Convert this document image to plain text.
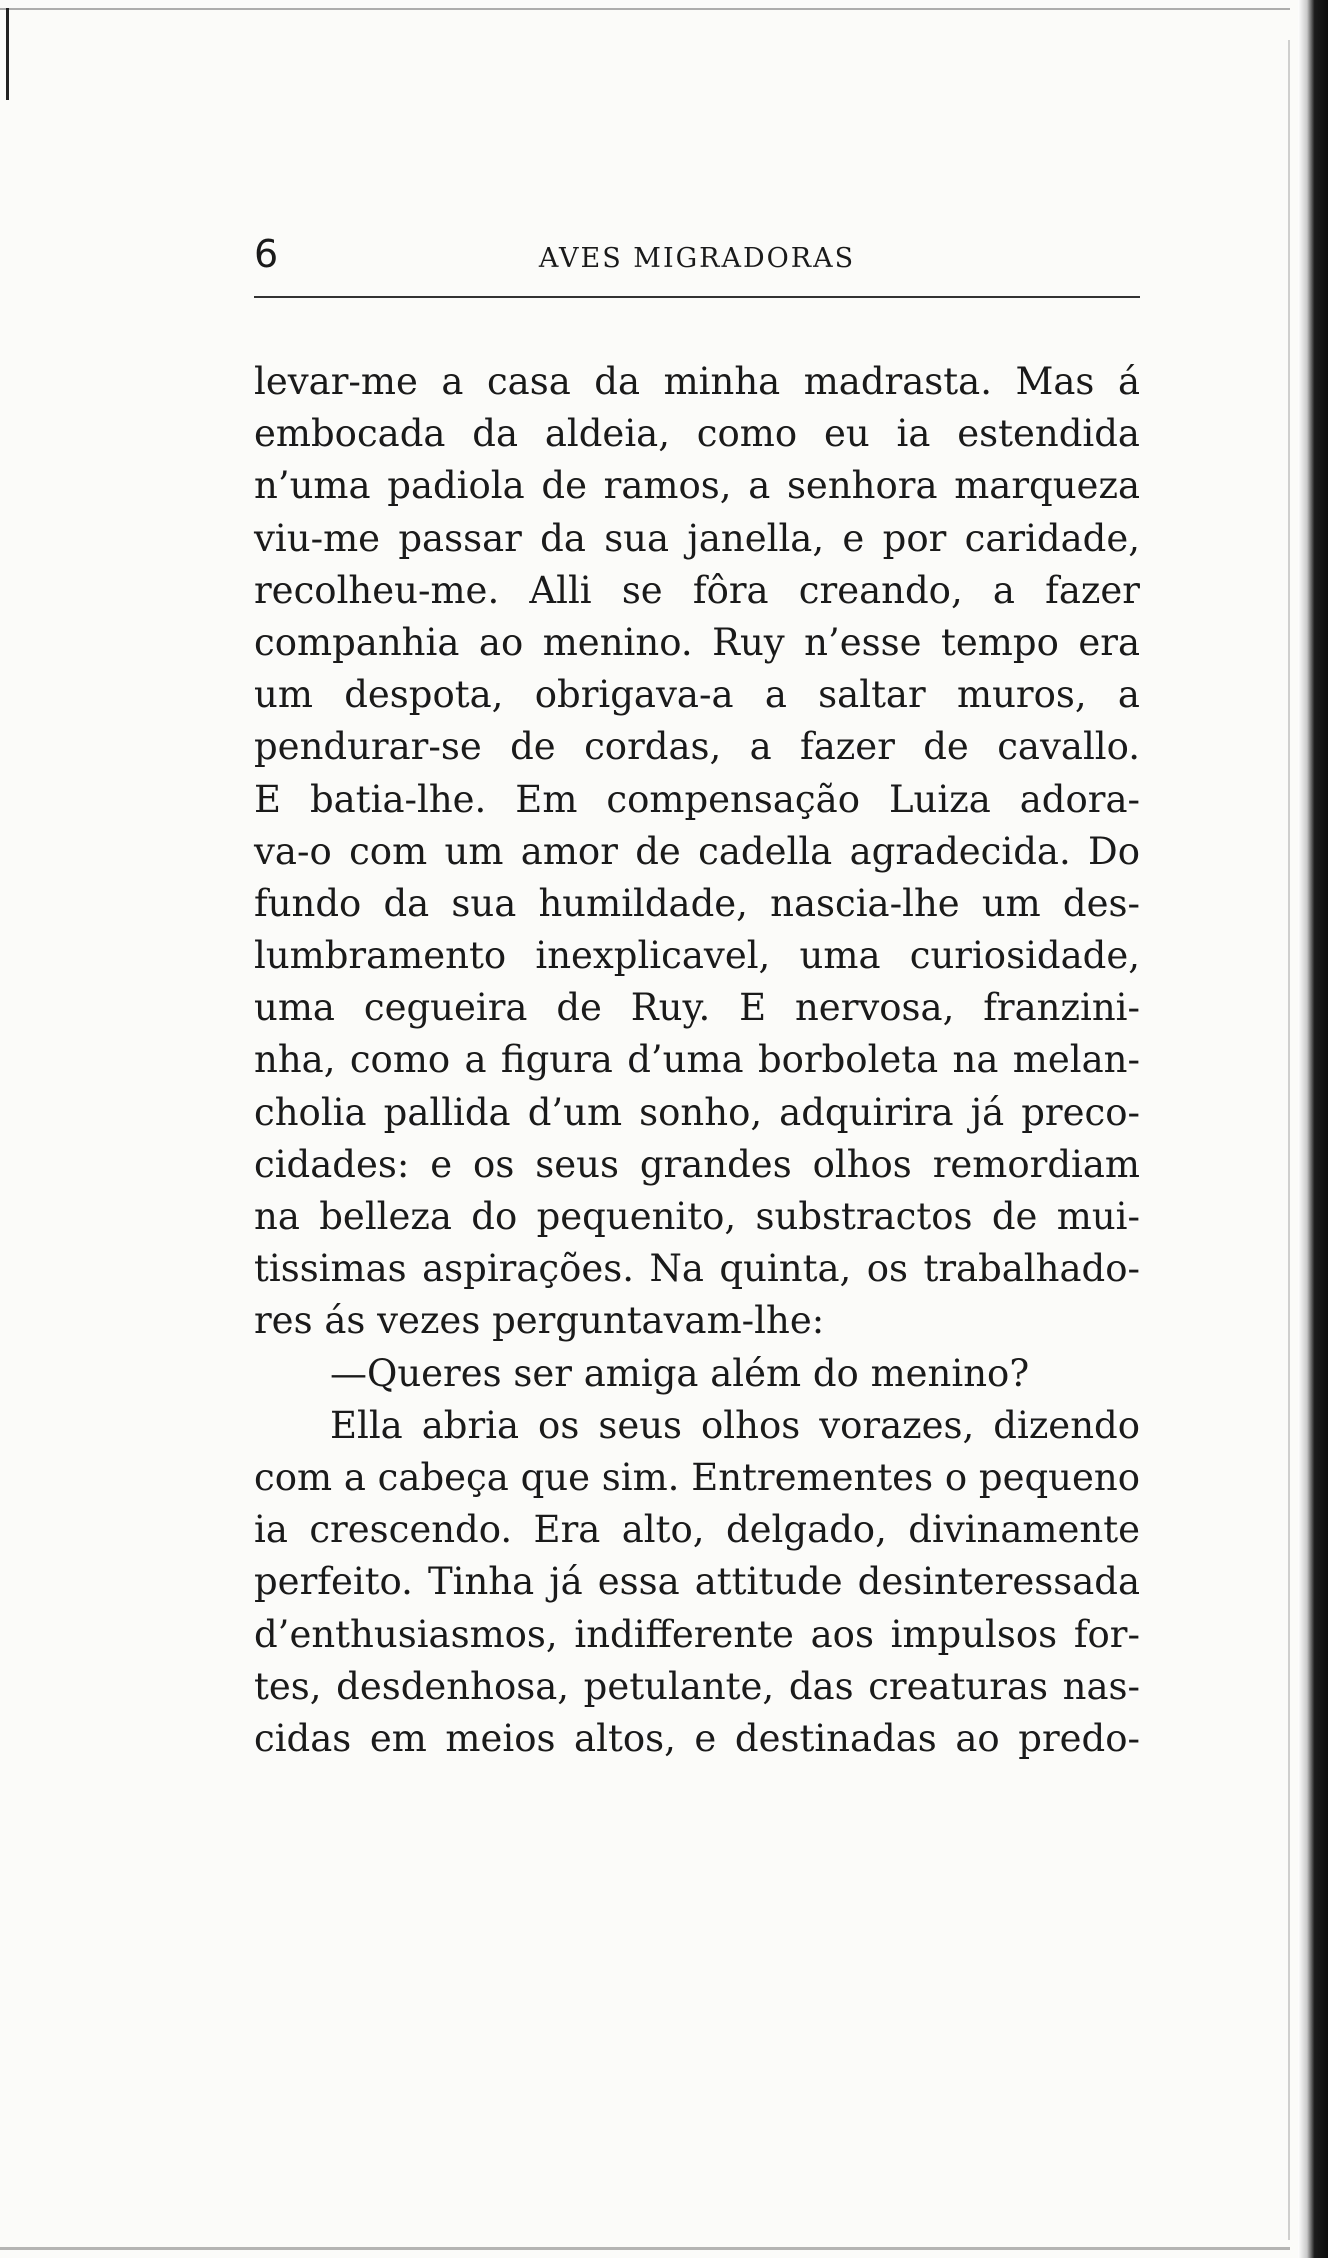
6	AVES MIGRADORAS

levar-me a casa da minha madrasta. Mas á

embocada da aldeia, como eu ia estendida

n’uma padiola de ramos, a senhora marqueza

viu-me passar da sua janella, e por caridade,

recolheu-me. Alli se fôra creando, a fazer

companhia ao menino. Ruy n’esse tempo era

um despota, obrigava-a a saltar muros, a

pendurar-se de cordas, a fazer de cavallo.

E batia-lhe. Em compensação Luiza adora-

va-o com um amor de cadella agradecida. Do

fundo da sua humildade, nascia-lhe um des-

lumbramento inexplicavel, uma curiosidade,

uma cegueira de Ruy. E nervosa, franzini-

nha, como a figura d’uma borboleta na melan-

cholia pallida d’um sonho, adquirira já preco-

cidades: e os seus grandes olhos remordiam

na belleza do pequenito, substractos de mui-

tissimas aspirações. Na quinta, os trabalhado-

res ás vezes perguntavam-lhe:

—Queres ser amiga além do menino?

Ella abria os seus olhos vorazes, dizendo

com a cabeça que sim. Entrementes o pequeno

ia crescendo. Era alto, delgado, divinamente

perfeito. Tinha já essa attitude desinteressada

d’enthusiasmos, indifferente aos impulsos for-

tes, desdenhosa, petulante, das creaturas nas-

cidas em meios altos, e destinadas ao predo-
